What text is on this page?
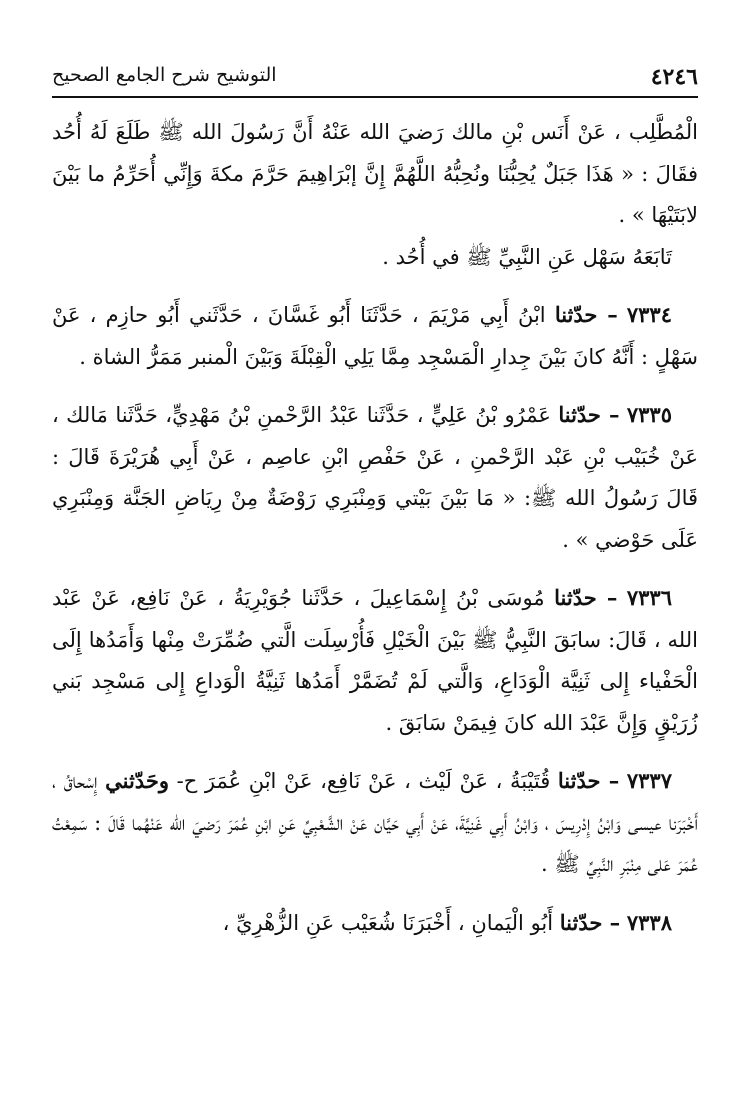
٤٢٤٦
التوشيح شرح الجامع الصحيح

الْمُطَّلِب ، عَنْ أَنَس بْنِ مالك رَضيَ الله عَنْهُ أَنَّ رَسُولَ الله ﷺ طَلَعَ لَهُ أُحُد فقَالَ : « هَذَا جَبَلٌ يُحِبُّنَا ونُحِبُّهُ اللَّهُمَّ إِنَّ إبْرَاهِيمَ حَرَّمَ مكةَ وَإِنِّي أُحَرِّمُ ما بَيْنَ لابَتَيْهَا » .

تَابَعَهُ سَهْل عَنِ النَّبِيِّ ﷺ في أُحُد .

٧٣٣٤ – حدّثنا ابْنُ أَبِي مَرْيَمَ ، حَدَّثَنَا أَبُو غَسَّانَ ، حَدَّثَني أَبُو حازِم ، عَنْ سَهْلٍ : أَنَّهُ كانَ بَيْنَ جِدارِ الْمَسْجِد مِمَّا يَلِي الْقِبْلَةَ وَبَيْنَ الْمنبر مَمَرُّ الشاة .

٧٣٣٥ – حدّثنا عَمْرُو بْنُ عَلِيٍّ ، حَدَّثَنا عَبْدُ الرَّحْمنِ بْنُ مَهْدِيٍّ، حَدَّثَنا مَالك ، عَنْ خُبَيْب بْنِ عَبْد الرَّحْمنِ ، عَنْ حَفْصِ ابْنِ عاصِم ، عَنْ أَبِي هُرَيْرَةَ قَالَ : قَالَ رَسُولُ الله ﷺ: « مَا بَيْنَ بَيْتي وَمِنْبَرِي رَوْضَةٌ مِنْ رِيَاضِ الجَنَّة وَمِنْبَرِي عَلَى حَوْضي » .

٧٣٣٦ – حدّثنا مُوسَى بْنُ إِسْمَاعِيلَ ، حَدَّثَنا جُوَيْرِيَةُ ، عَنْ نَافِع، عَنْ عَبْد الله ، قَالَ: سابَقَ النَّبِيُّ ﷺ بَيْنَ الْخَيْلِ فَأُرْسِلَت الَّتي ضُمِّرَتْ مِنْها وَأَمَدُها إِلَى الْحَفْياء إِلى ثَنِيَّة الْوَدَاعِ، وَالَّتي لَمْ تُضَمَّرْ أَمَدُها ثَنِيَّةُ الْوَداعِ إِلى مَسْجِد بَني زُرَيْقٍ وَإِنَّ عَبْدَ الله كانَ فِيمَنْ سَابَقَ .

٧٣٣٧ – حدّثنا قُتَيْبَةُ ، عَنْ لَيْث ، عَنْ نَافِع، عَنْ ابْنِ عُمَرَ ح- وحَدّثني إِسْحاقُ ، أَخْبَرَنا عيسى وَابْنُ إِدْرِيسَ ، وَابْنُ أَبِي غَنِيَّةَ، عَنْ أَبِي حَيَّان عَنْ الشَّعْبِيِّ عَنِ ابْنِ عُمَرَ رَضيَ الله عَنْهُما قَالَ : سَمِعْتُ عُمَرَ عَلى مِنْبَرِ النَّبِيِّ ﷺ .

٧٣٣٨ – حدّثنا أَبُو الْيَمانِ ، أَخْبَرَنَا شُعَيْب عَنِ الزُّهْرِيِّ ،
